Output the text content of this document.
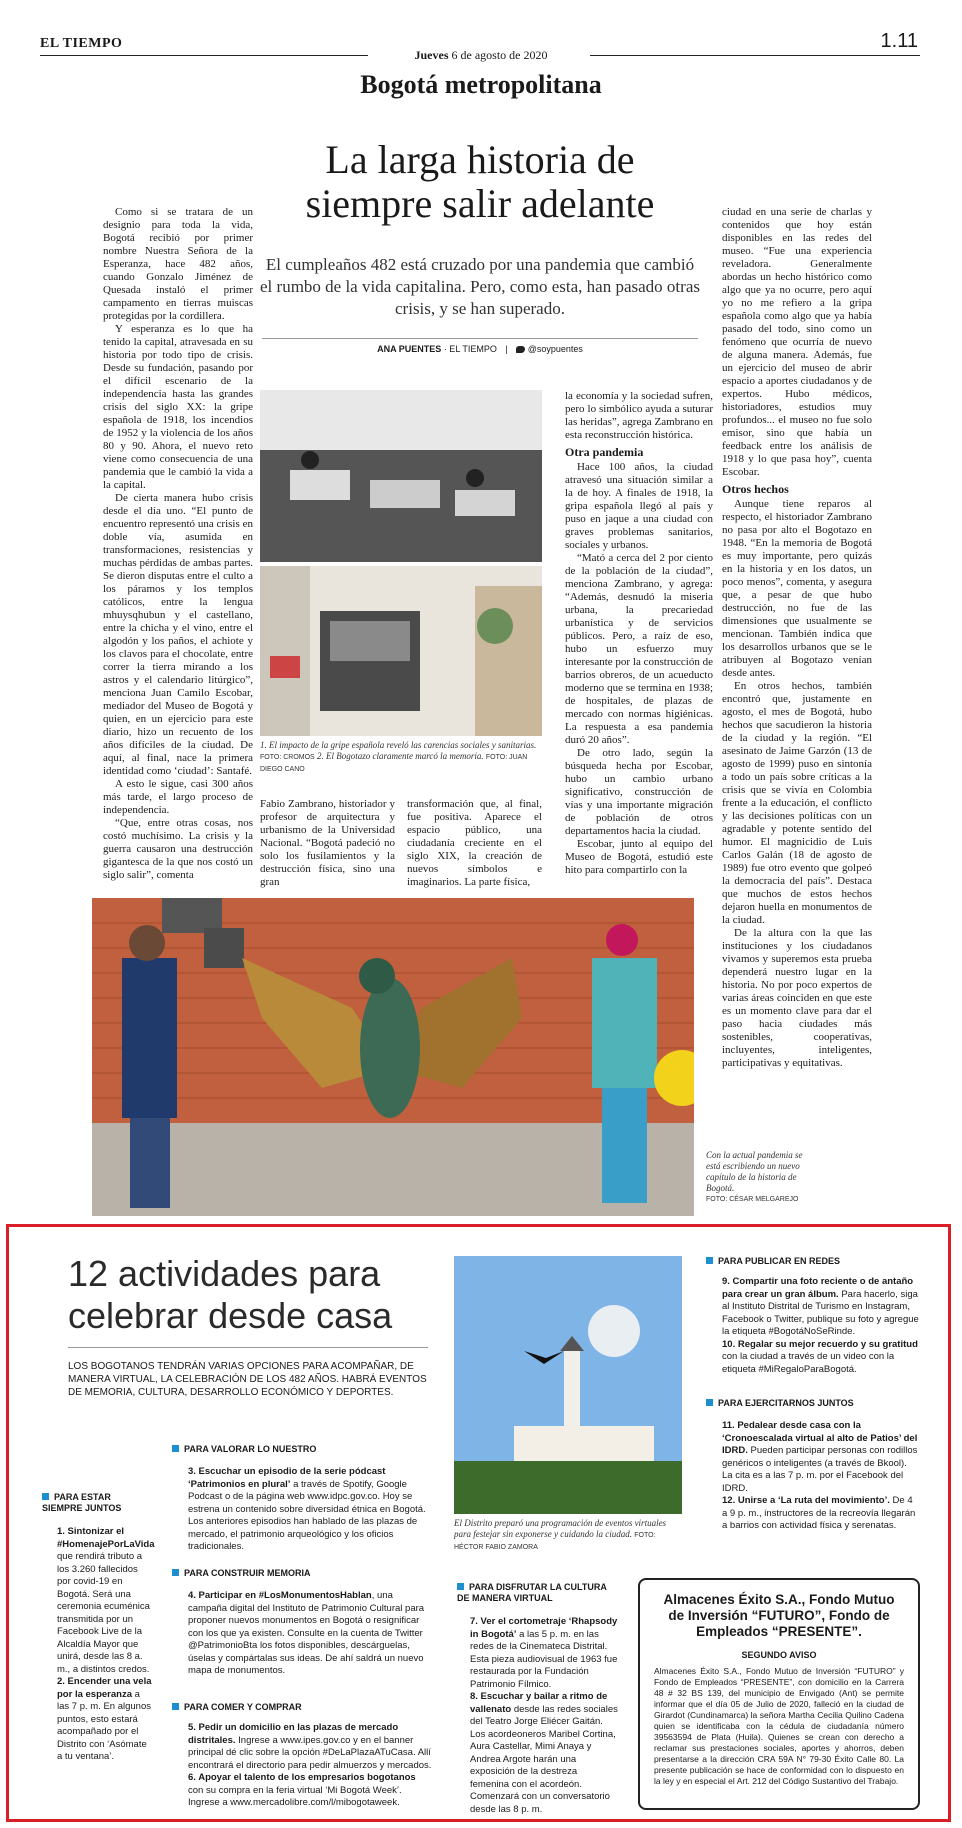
EL TIEMPO
Jueves 6 de agosto de 2020
1.11
Bogotá metropolitana
La larga historia de
siempre salir adelante
El cumpleaños 482 está cruzado por una pandemia que cambió el rumbo de la vida capitalina. Pero, como esta, han pasado otras crisis, y se han superado.
ANA PUENTES · EL TIEMPO | @soypuentes

Como si se tratara de un designio para toda la vida, Bogotá recibió por primer nombre Nuestra Señora de la Esperanza, hace 482 años, cuando Gonzalo Jiménez de Quesada instaló el primer campamento en tierras muiscas protegidas por la cordillera.

Y esperanza es lo que ha tenido la capital, atravesada en su historia por todo tipo de crisis. Desde su fundación, pasando por el difícil escenario de la independencia hasta las grandes crisis del siglo XX: la gripe española de 1918, los incendios de 1952 y la violencia de los años 80 y 90. Ahora, el nuevo reto viene como consecuencia de una pandemia que le cambió la vida a la capital.

De cierta manera hubo crisis desde el día uno. “El punto de encuentro representó una crisis en doble vía, asumida en transformaciones, resistencias y muchas pérdidas de ambas partes. Se dieron disputas entre el culto a los páramos y los templos católicos, entre la lengua mhuysqhubun y el castellano, entre la chicha y el vino, entre el algodón y los paños, el achiote y los clavos para el chocolate, entre correr la tierra mirando a los astros y el calendario litúrgico”, menciona Juan Camilo Escobar, mediador del Museo de Bogotá y quien, en un ejercicio para este diario, hizo un recuento de los años difíciles de la ciudad. De aquí, al final, nace la primera identidad como ‘ciudad’: Santafé.

A esto le sigue, casi 300 años más tarde, el largo proceso de independencia.

“Que, entre otras cosas, nos costó muchísimo. La crisis y la guerra causaron una destrucción gigantesca de la que nos costó un siglo salir”, comenta

1. El impacto de la gripe española reveló las carencias sociales y sanitarias. FOTO: CROMOS 2. El Bogotazo claramente marcó la memoria. FOTO: JUAN DIEGO CANO

Fabio Zambrano, historiador y profesor de arquitectura y urbanismo de la Universidad Nacional. “Bogotá padeció no solo los fusilamientos y la destrucción física, sino una gran

transformación que, al final, fue positiva. Aparece el espacio público, una ciudadanía creciente en el siglo XIX, la creación de nuevos símbolos e imaginarios. La parte física,

la economía y la sociedad sufren, pero lo simbólico ayuda a suturar las heridas”, agrega Zambrano en esta reconstrucción histórica.

Otra pandemia

Hace 100 años, la ciudad atravesó una situación similar a la de hoy. A finales de 1918, la gripa española llegó al país y puso en jaque a una ciudad con graves problemas sanitarios, sociales y urbanos.

“Mató a cerca del 2 por ciento de la población de la ciudad”, menciona Zambrano, y agrega: “Además, desnudó la miseria urbana, la precariedad urbanística y de servicios públicos. Pero, a raíz de eso, hubo un esfuerzo muy interesante por la construcción de barrios obreros, de un acueducto moderno que se termina en 1938; de hospitales, de plazas de mercado con normas higiénicas. La respuesta a esa pandemia duró 20 años”.

De otro lado, según la búsqueda hecha por Escobar, hubo un cambio urbano significativo, construcción de vías y una importante migración de población de otros departamentos hacia la ciudad.

Escobar, junto al equipo del Museo de Bogotá, estudió este hito para compartirlo con la

ciudad en una serie de charlas y contenidos que hoy están disponibles en las redes del museo. “Fue una experiencia reveladora. Generalmente abordas un hecho histórico como algo que ya no ocurre, pero aquí yo no me refiero a la gripa española como algo que ya había pasado del todo, sino como un fenómeno que ocurría de nuevo de alguna manera. Además, fue un ejercicio del museo de abrir espacio a aportes ciudadanos y de expertos. Hubo médicos, historiadores, estudios muy profundos... el museo no fue solo emisor, sino que había un feedback entre los análisis de 1918 y lo que pasa hoy”, cuenta Escobar.

Otros hechos

Aunque tiene reparos al respecto, el historiador Zambrano no pasa por alto el Bogotazo en 1948. “En la memoria de Bogotá es muy importante, pero quizás en la historia y en los datos, un poco menos”, comenta, y asegura que, a pesar de que hubo destrucción, no fue de las dimensiones que usualmente se mencionan. También indica que los desarrollos urbanos que se le atribuyen al Bogotazo venían desde antes.

En otros hechos, también encontró que, justamente en agosto, el mes de Bogotá, hubo hechos que sacudieron la historia de la ciudad y la región. “El asesinato de Jaime Garzón (13 de agosto de 1999) puso en sintonía a todo un país sobre críticas a la crisis que se vivía en Colombia frente a la educación, el conflicto y las decisiones políticas con un agradable y potente sentido del humor. El magnicidio de Luis Carlos Galán (18 de agosto de 1989) fue otro evento que golpeó la democracia del país”. Destaca que muchos de estos hechos dejaron huella en monumentos de la ciudad.

De la altura con la que las instituciones y los ciudadanos vivamos y superemos esta prueba dependerá nuestro lugar en la historia. No por poco expertos de varias áreas coinciden en que este es un momento clave para dar el paso hacia ciudades más sostenibles, cooperativas, incluyentes, inteligentes, participativas y equitativas.

Con la actual pandemia se está escribiendo un nuevo capítulo de la historia de Bogotá.
FOTO: CÉSAR MELGAREJO
12 actividades para celebrar desde casa
LOS BOGOTANOS TENDRÁN VARIAS OPCIONES PARA ACOMPAÑAR, DE MANERA VIRTUAL, LA CELEBRACIÓN DE LOS 482 AÑOS. HABRÁ EVENTOS DE MEMORIA, CULTURA, DESARROLLO ECONÓMICO Y DEPORTES.
El Distrito preparó una programación de eventos virtuales para festejar sin exponerse y cuidando la ciudad. FOTO: HÉCTOR FABIO ZAMORA
PARA ESTAR SIEMPRE JUNTOS
1. Sintonizar el #HomenajePorLaVida que rendirá tributo a los 3.260 fallecidos por covid-19 en Bogotá. Será una ceremonia ecuménica transmitida por un Facebook Live de la Alcaldía Mayor que unirá, desde las 8 a. m., a distintos credos.
2. Encender una vela por la esperanza a las 7 p. m. En algunos puntos, esto estará acompañado por el Distrito con ‘Asómate a tu ventana’.
PARA VALORAR LO NUESTRO
3. Escuchar un episodio de la serie pódcast ‘Patrimonios en plural’ a través de Spotify, Google Podcast o de la página web www.idpc.gov.co. Hoy se estrena un contenido sobre diversidad étnica en Bogotá. Los anteriores episodios han hablado de las plazas de mercado, el patrimonio arqueológico y los oficios tradicionales.
PARA CONSTRUIR MEMORIA
4. Participar en #LosMonumentosHablan, una campaña digital del Instituto de Patrimonio Cultural para proponer nuevos monumentos en Bogotá o resignificar con los que ya existen. Consulte en la cuenta de Twitter @PatrimonioBta los fotos disponibles, descárguelas, úselas y compártalas sus ideas. De ahí saldrá un nuevo mapa de monumentos.
PARA COMER Y COMPRAR
5. Pedir un domicilio en las plazas de mercado distritales. Ingrese a www.ipes.gov.co y en el banner principal dé clic sobre la opción #DeLaPlazaATuCasa. Allí encontrará el directorio para pedir almuerzos y mercados.
6. Apoyar el talento de los empresarios bogotanos con su compra en la feria virtual ‘Mi Bogotá Week’. Ingrese a www.mercadolibre.com/l/mibogotaweek.
PARA DISFRUTAR LA CULTURA DE MANERA VIRTUAL
7. Ver el cortometraje ‘Rhapsody in Bogotá’ a las 5 p. m. en las redes de la Cinemateca Distrital. Esta pieza audiovisual de 1963 fue restaurada por la Fundación Patrimonio Fílmico.
8. Escuchar y bailar a ritmo de vallenato desde las redes sociales del Teatro Jorge Eliécer Gaitán. Los acordeoneros Maribel Cortina, Aura Castellar, Mimi Anaya y Andrea Argote harán una exposición de la destreza femenina con el acordeón. Comenzará con un conversatorio desde las 8 p. m.
PARA PUBLICAR EN REDES
9. Compartir una foto reciente o de antaño para crear un gran álbum. Para hacerlo, siga al Instituto Distrital de Turismo en Instagram, Facebook o Twitter, publique su foto y agregue la etiqueta #BogotáNoSeRinde.
10. Regalar su mejor recuerdo y su gratitud con la ciudad a través de un video con la etiqueta #MiRegaloParaBogotá.
PARA EJERCITARNOS JUNTOS
11. Pedalear desde casa con la ‘Cronoescalada virtual al alto de Patios’ del IDRD. Pueden participar personas con rodillos genéricos o inteligentes (a través de Bkool). La cita es a las 7 p. m. por el Facebook del IDRD.
12. Unirse a ‘La ruta del movimiento’. De 4 a 9 p. m., instructores de la recreovía llegarán a barrios con actividad física y serenatas.
Almacenes Éxito S.A., Fondo Mutuo de Inversión “FUTURO”, Fondo de Empleados “PRESENTE”.
SEGUNDO AVISO
Almacenes Éxito S.A., Fondo Mutuo de Inversión “FUTURO” y Fondo de Empleados “PRESENTE”, con domicilio en la Carrera 48 # 32 BS 139, del municipio de Envigado (Ant) se permite informar que el día 05 de Julio de 2020, falleció en la ciudad de Girardot (Cundinamarca) la señora Martha Cecilia Quilino Cadena quien se identificaba con la cédula de ciudadanía número 39563594 de Plata (Huila). Quienes se crean con derecho a reclamar sus prestaciones sociales, aportes y ahorros, deben presentarse a la dirección CRA 59A N° 79-30 Éxito Calle 80. La presente publicación se hace de conformidad con lo dispuesto en la ley y en especial el Art. 212 del Código Sustantivo del Trabajo.
